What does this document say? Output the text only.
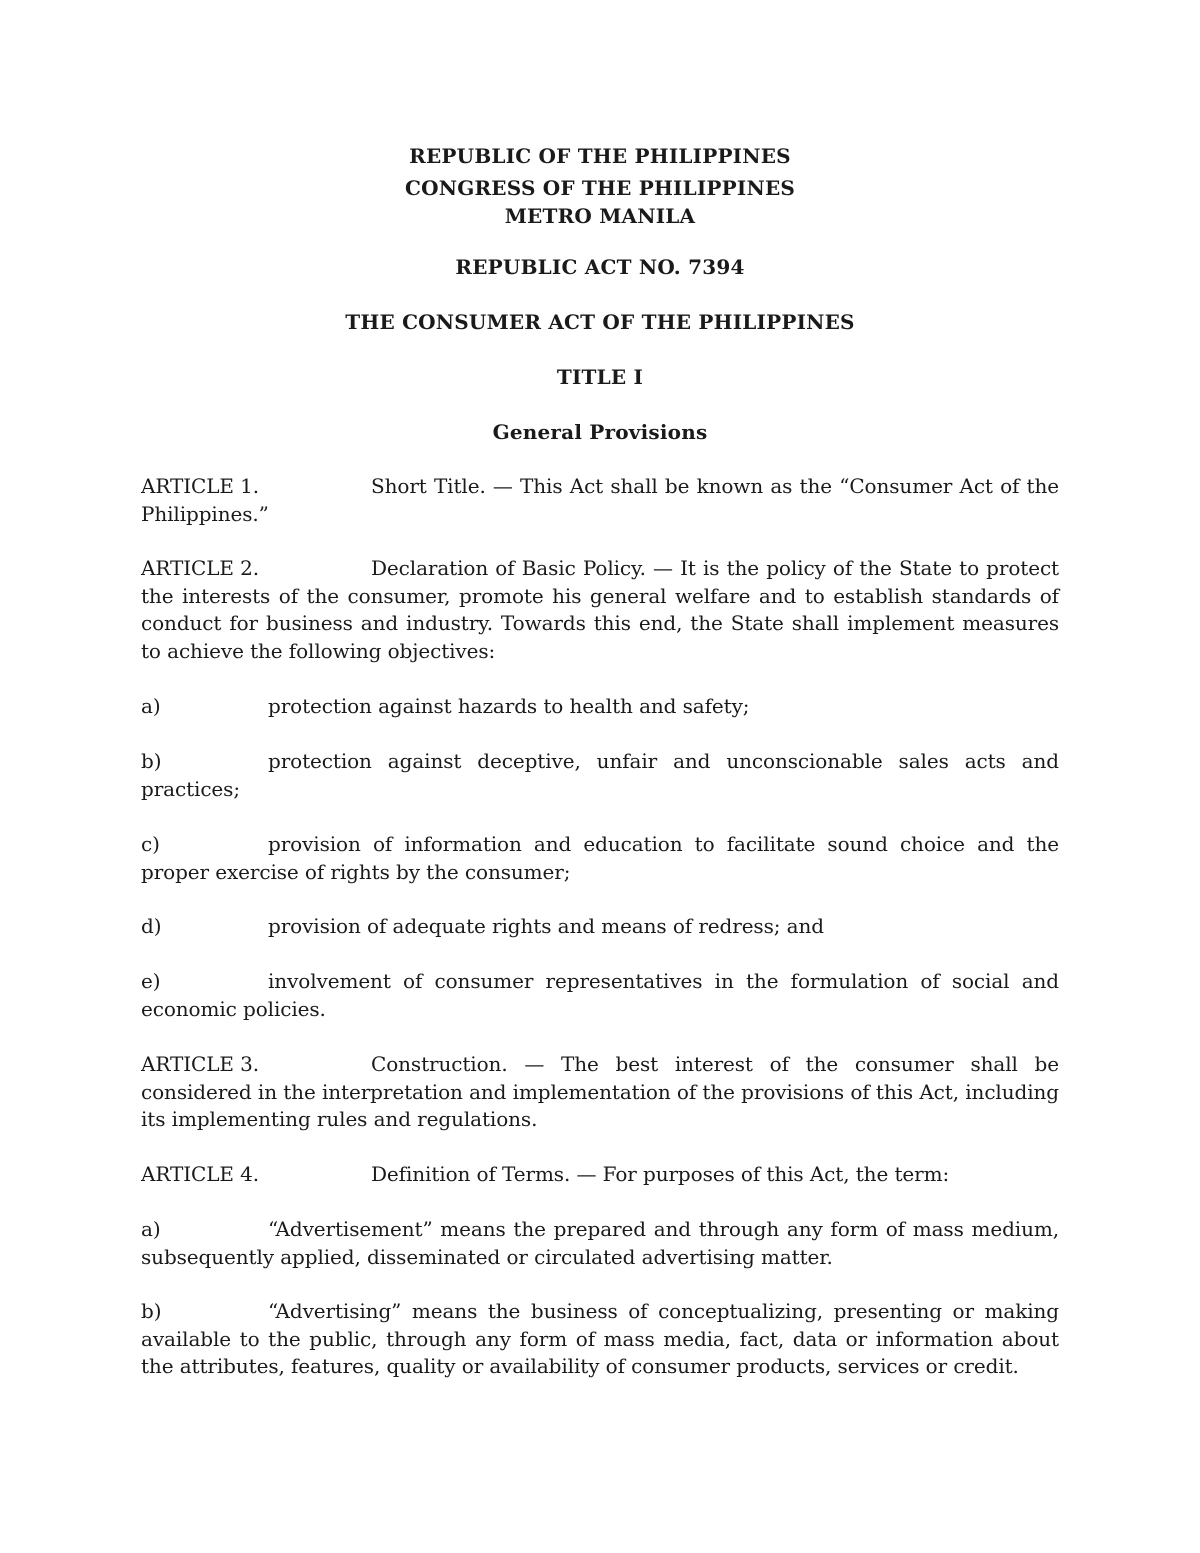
REPUBLIC OF THE PHILIPPINES
CONGRESS OF THE PHILIPPINES
METRO MANILA
REPUBLIC ACT NO. 7394
THE CONSUMER ACT OF THE PHILIPPINES
TITLE I
General Provisions
ARTICLE 1.	Short Title. — This Act shall be known as the “Consumer Act of the Philippines.”
ARTICLE 2.	Declaration of Basic Policy. — It is the policy of the State to protect the interests of the consumer, promote his general welfare and to establish standards of conduct for business and industry. Towards this end, the State shall implement measures to achieve the following objectives:
a)	protection against hazards to health and safety;
b)	protection against deceptive, unfair and unconscionable sales acts and practices;
c)	provision of information and education to facilitate sound choice and the proper exercise of rights by the consumer;
d)	provision of adequate rights and means of redress; and
e)	involvement of consumer representatives in the formulation of social and economic policies.
ARTICLE 3.	Construction. — The best interest of the consumer shall be considered in the interpretation and implementation of the provisions of this Act, including its implementing rules and regulations.
ARTICLE 4.	Definition of Terms. — For purposes of this Act, the term:
a)	“Advertisement” means the prepared and through any form of mass medium, subsequently applied, disseminated or circulated advertising matter.
b)	“Advertising” means the business of conceptualizing, presenting or making available to the public, through any form of mass media, fact, data or information about the attributes, features, quality or availability of consumer products, services or credit.
